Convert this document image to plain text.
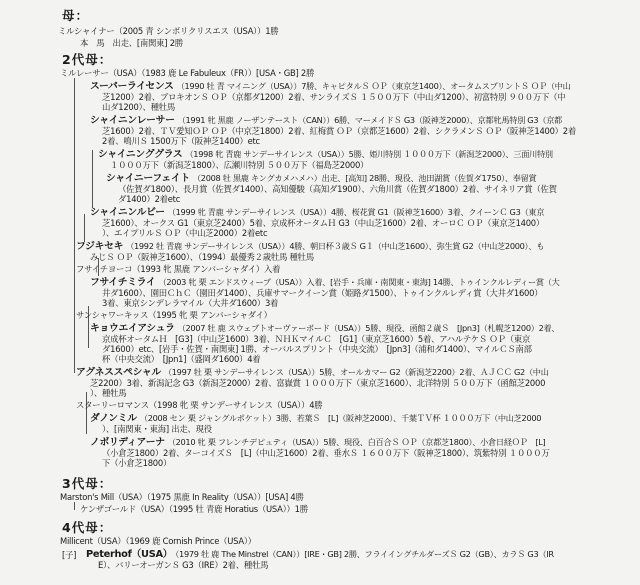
母：
ミルシャイナー（2005 青 シンボリクリスエス（USA））1勝
本　馬　出走、[南関東] 2勝
2代母：
ミルレーサー（USA）（1983 鹿 Le Fabuleux（FR））[USA・GB] 2勝
スーパーライセンス （1990 牡 青 マイニング（USA））7勝、キャピタルＳ ＯＰ（東京芝1400）、オータムスプリントＳ ＯＰ（中山
芝1200）2着、ブロキオンＳ ＯＰ（京都ダ1200）2着、サンライズＳ １５００万下（中山ダ1200）、初富特別 ９００万下（中
山ダ1200）、種牡馬
シャイニンレーサー （1991 牝 黒鹿 ノーザンテースト（CAN））6勝、マーメイドＳ G3（阪神芝2000）、京都牝馬特別 G3（京都
芝1600）2着、ＴＶ愛知ＯＰ ＯＰ（中京芝1800）2着、紅梅賞 ＯＰ（京都芝1600）2着、シクラメンＳ ＯＰ（阪神芝1400）2着
2着、鳴川Ｓ 1500万下（阪神芝1400）etc
シャイニンググラス （1998 牝 青鹿 サンデーサイレンス（USA））5勝、姫川特別 １０００万下（新潟芝2000）、三面川特別
１０００万下（新潟芝1800）、広瀬川特別 ５００万下（福島芝2000）
シャイニーフェイト （2008 牡 黒鹿 キングカメハメハ）出走、[高知] 28勝、現役、池田湖賞（佐賀ダ1750）、奉留賞
（佐賀ダ1800）、長月賞（佐賀ダ1400）、高知優駿（高知ダ1900）、六角川賞（佐賀ダ1800）2着、サイネリア賞（佐賀
ダ1400）2着etc
シャイニンルビー （1999 牝 青鹿 サンデーサイレンス（USA））4勝、桜花賞 G1（阪神芝1600）3着、クイーンＣ G3（東京
芝1600）、オークス G1（東京芝2400）5着、京成杯オータムＨ G3（中山芝1600）2着、オーロＣ ＯＰ（東京芝1400）
）、エイプリルＳ ＯＰ（中山芝2000）2着etc
フジキセキ （1992 牡 青鹿 サンデーサイレンス（USA））4勝、朝日杯３歳Ｓ G１（中山芝1600）、弥生賞 G2（中山芝2000）、も
みじＳ ＯＰ（阪神芝1600）、（1994）最優秀２歳牡馬 種牡馬
フサイチヨーコ（1993 牝 黒鹿 アンバーシャダイ）入着
フサイチミライ （2003 牝 栗 エンドスウィープ（USA））入着、[岩手・兵庫・南関東・東海] 14勝、トゥインクルレディー賞（大
井ダ1600）、園田ＣｈＣ（園田ダ1400）、兵庫サマークイーン賞（姫路ダ1500）、トゥインクルレディ賞（大井ダ1600）
3着、東京シンデレラマイル（大井ダ1600）3着
サンシャワーキッス（1995 牝 栗 アンバーシャダイ）
キョウエイアシュラ （2007 牡 鹿 スウェプトオーヴァーボード（USA））5勝、現役、函館２歳Ｓ　[Jpn3]（札幌芝1200）2着、
京成杯オータムＨ　[G3]（中山芝1600）3着、ＮＨＫマイルＣ　[G1]（東京芝1600）5着、アハルテケＳ ＯＰ（東京
ダ1600）etc、[岩手・佐賀・南関東] 1勝、オーバルスプリント（中央交流）　[Jpn3]（浦和ダ1400）、マイルＣＳ南部
杯（中央交流）　[Jpn1]（盛岡ダ1600）4着
アグネススペシャル （1997 牡 栗 サンデーサイレンス（USA））5勝、オールカマー G2（新潟芝2200）2着、ＡＪＣＣ G2（中山
芝2200）3着、新潟記念 G3（新潟芝2000）2着、富嶽賞 １０００万下（東京芝1600）、北洋特別 ５００万下（函館芝2000
）、種牡馬
スターリーロマンス（1998 牝 栗 サンデーサイレンス（USA））4勝
ダノンミル （2008 セン 栗 ジャングルポケット）3勝、若葉Ｓ　[L]（阪神芝2000）、千葉ＴＶ杯 １０００万下（中山芝2000
）、[南関東・東海] 出走、現役
ノボリディアーナ （2010 牝 栗 フレンチデピュティ（USA））5勝、現役、白百合Ｓ ＯＰ（京都芝1800）、小倉日経ＯＰ　[L]
（小倉芝1800）2着、ターコイズＳ　[L]（中山芝1600）2着、垂水Ｓ １６００万下（阪神芝1800）、筑紫特別 １０００万
下（小倉芝1800）
3代母：
Marston's Mill（USA）（1975 黒鹿 In Reality（USA））[USA] 4勝
ケンザゴールド（USA）（1995 牡 青鹿 Horatius（USA））1勝
4代母：
Millicent（USA）（1969 鹿 Cornish Prince（USA））
[子] Peterhof（USA） （1979 牡 鹿 The Minstrel（CAN））[IRE・GB] 2勝、フライイングチルダーズＳ G2（GB）、カラＳ G3（IR
E）、バリーオーガンＳ G3（IRE）2着、種牡馬
